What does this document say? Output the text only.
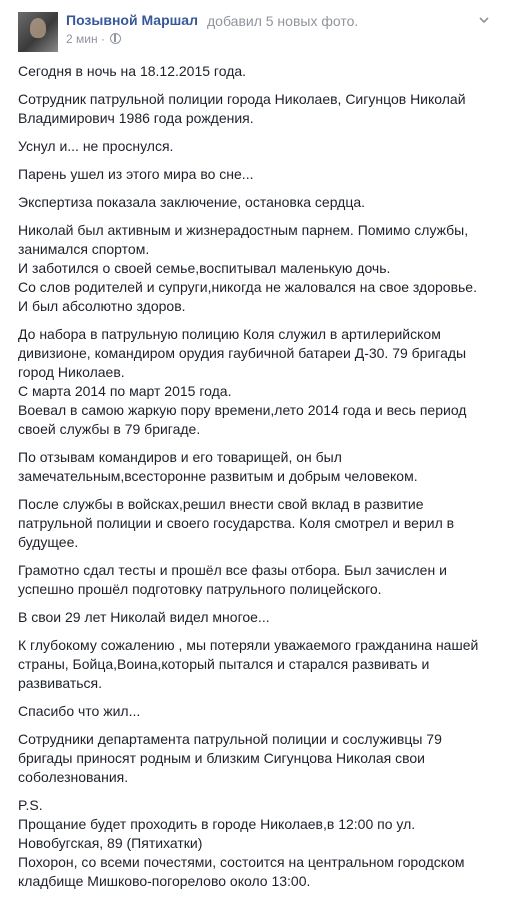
Позывной Маршал добавил 5 новых фото.
2 мин ·

Сегодня в ночь на 18.12.2015 года.

Сотрудник патрульной полиции города Николаев, Сигунцов Николай
Владимирович 1986 года рождения.

Уснул и... не проснулся.

Парень ушел из этого мира во сне...

Экспертиза показала заключение, остановка сердца.

Николай был активным и жизнерадостным парнем. Помимо службы,
занимался спортом.
И заботился о своей семье,воспитывал маленькую дочь.
Со слов родителей и супруги,никогда не жаловался на свое здоровье.
И был абсолютно здоров.

До набора в патрульную полицию Коля служил в артилерийском
дивизионе, командиром орудия гаубичной батареи Д-30. 79 бригады
город Николаев.
С марта 2014 по март 2015 года.
Воевал в самою жаркую пору времени,лето 2014 года и весь период
своей службы в 79 бригаде.

По отзывам командиров и его товарищей, он был
замечательным,всесторонне развитым и добрым человеком.

После службы в войсках,решил внести свой вклад в развитие
патрульной полиции и своего государства. Коля смотрел и верил в
будущее.

Грамотно сдал тесты и прошёл все фазы отбора. Был зачислен и
успешно прошёл подготовку патрульного полицейского.

В свои 29 лет Николай видел многое...

К глубокому сожалению , мы потеряли уважаемого гражданина нашей
страны, Бойца,Воина,который пытался и старался развивать и
развиваться.

Спасибо что жил...

Сотрудники департамента патрульной полиции и сослуживцы 79
бригады приносят родным и близким Сигунцова Николая свои
соболезнования.

P.S.
Прощание будет проходить в городе Николаев,в 12:00 по ул.
Новобугская, 89 (Пятихатки)
Похорон, со всеми почестями, состоится на центральном городском
кладбище Мишково-погорелово около 13:00.
